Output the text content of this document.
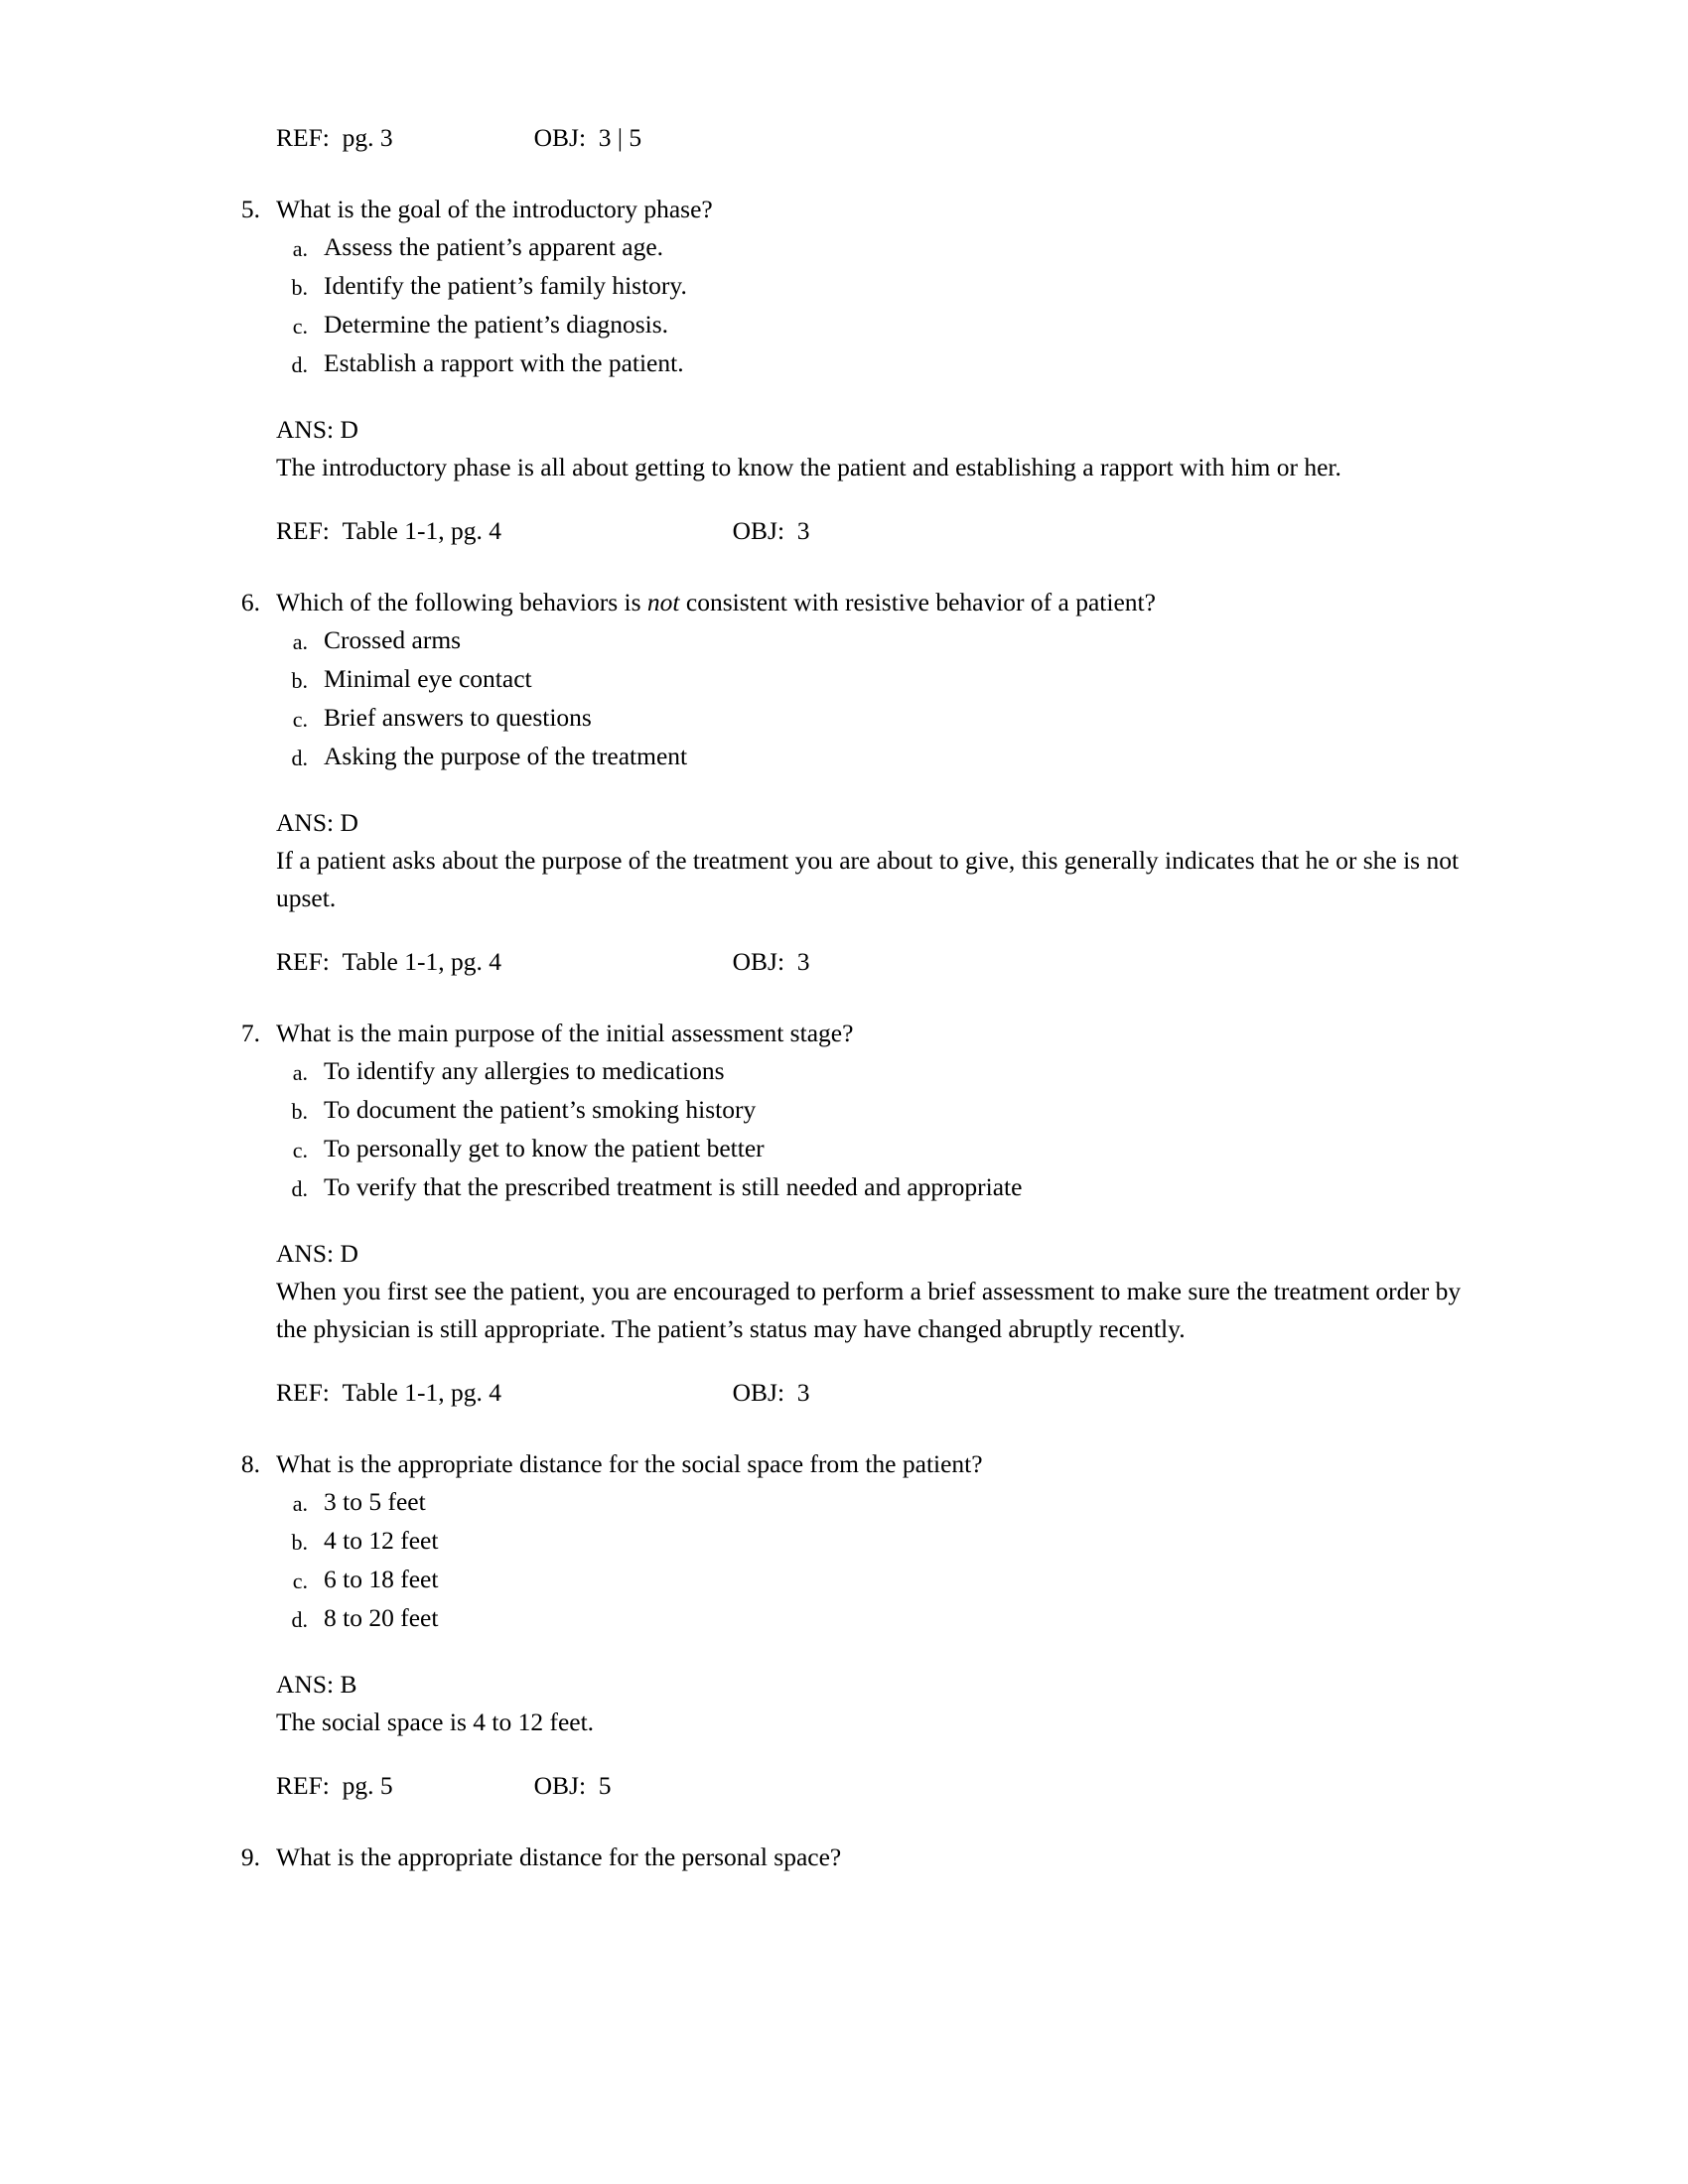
REF:
pg. 3	OBJ:
3 | 5
5. What is the goal of the introductory phase?
a. Assess the patient’s apparent age.
b. Identify the patient’s family history.
c. Determine the patient’s diagnosis.
d. Establish a rapport with the patient.
ANS: D
The introductory phase is all about getting to know the patient and establishing a rapport with him or her.
REF:
Table 1-1, pg. 4	OBJ:
3
6. Which of the following behaviors is not consistent with resistive behavior of a patient?
a. Crossed arms
b. Minimal eye contact
c. Brief answers to questions
d. Asking the purpose of the treatment
ANS: D
If a patient asks about the purpose of the treatment you are about to give, this generally indicates that he or she is not upset.
REF:
Table 1-1, pg. 4	OBJ:
3
7. What is the main purpose of the initial assessment stage?
a. To identify any allergies to medications
b. To document the patient’s smoking history
c. To personally get to know the patient better
d. To verify that the prescribed treatment is still needed and appropriate
ANS: D
When you first see the patient, you are encouraged to perform a brief assessment to make sure the treatment order by the physician is still appropriate. The patient’s status may have changed abruptly recently.
REF:
Table 1-1, pg. 4	OBJ:
3
8. What is the appropriate distance for the social space from the patient?
a. 3 to 5 feet
b. 4 to 12 feet
c. 6 to 18 feet
d. 8 to 20 feet
ANS: B
The social space is 4 to 12 feet.
REF:
pg. 5	OBJ:
5
9. What is the appropriate distance for the personal space?
